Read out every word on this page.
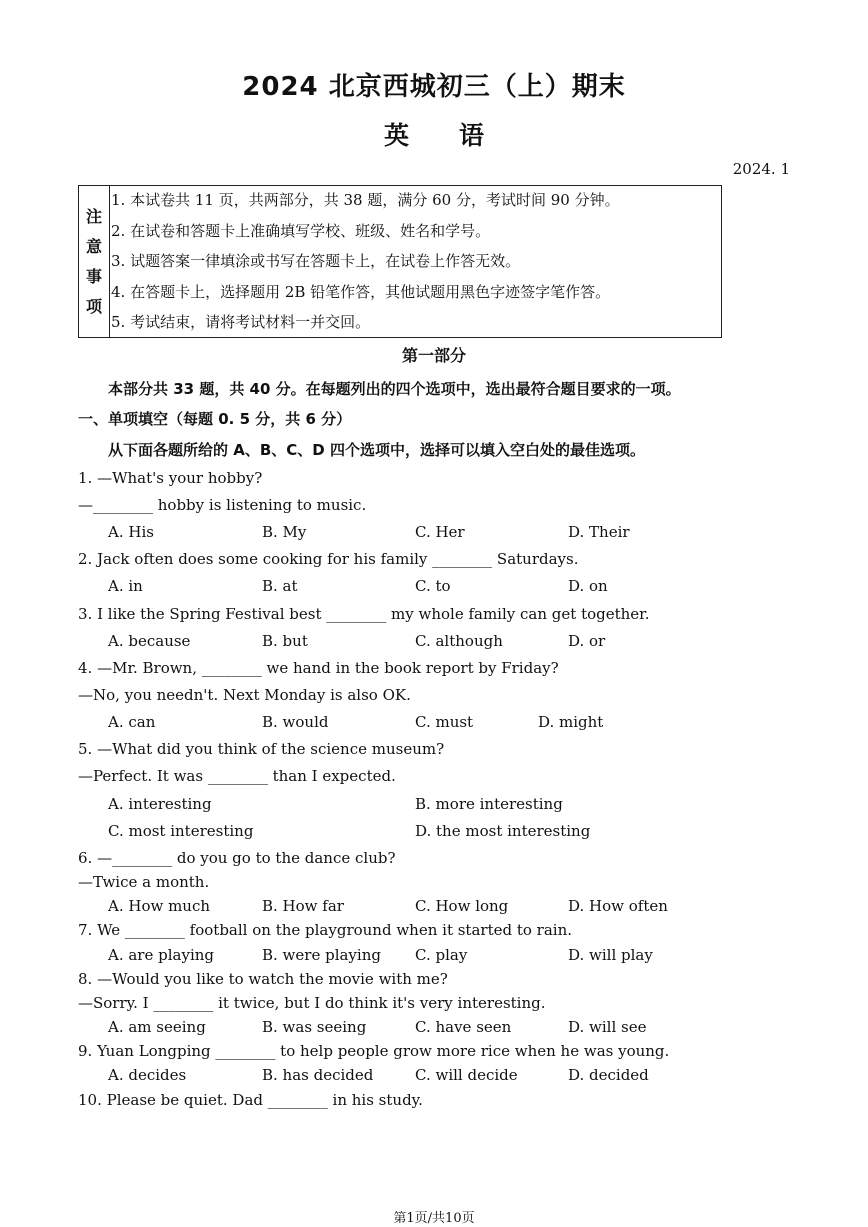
2024 北京西城初三（上）期末
英　　语
2024. 1
注
意
事
项
1. 本试卷共 11 页，共两部分，共 38 题，满分 60 分，考试时间 90 分钟。
2. 在试卷和答题卡上准确填写学校、班级、姓名和学号。
3. 试题答案一律填涂或书写在答题卡上，在试卷上作答无效。
4. 在答题卡上，选择题用 2B 铅笔作答，其他试题用黑色字迹签字笔作答。
5. 考试结束，请将考试材料一并交回。
第一部分
本部分共 33 题，共 40 分。在每题列出的四个选项中，选出最符合题目要求的一项。
一、单项填空（每题 0. 5 分，共 6 分）
从下面各题所给的 A、B、C、D 四个选项中，选择可以填入空白处的最佳选项。
1. —What's your hobby?
—________ hobby is listening to music.
A. His	B. My	C. Her	D. Their
2. Jack often does some cooking for his family ________ Saturdays.
A. in	B. at	C. to	D. on
3. I like the Spring Festival best ________ my whole family can get together.
A. because	B. but	C. although	D. or
4. —Mr. Brown, ________ we hand in the book report by Friday?
—No, you needn't. Next Monday is also OK.
A. can	B. would	C. must	D. might
5. —What did you think of the science museum?
—Perfect. It was ________ than I expected.
A. interesting	B. more interesting
C. most interesting	D. the most interesting
6. —________ do you go to the dance club?
—Twice a month.
A. How much	B. How far	C. How long	D. How often
7. We ________ football on the playground when it started to rain.
A. are playing	B. were playing C. play	D. will play
8. —Would you like to watch the movie with me?
—Sorry. I ________ it twice, but I do think it's very interesting.
A. am seeing	B. was seeing	C. have seen	D. will see
9. Yuan Longping ________ to help people grow more rice when he was young.
A. decides	B. has decided	C. will decide	D. decided
10. Please be quiet. Dad ________ in his study.
第1页/共10页
